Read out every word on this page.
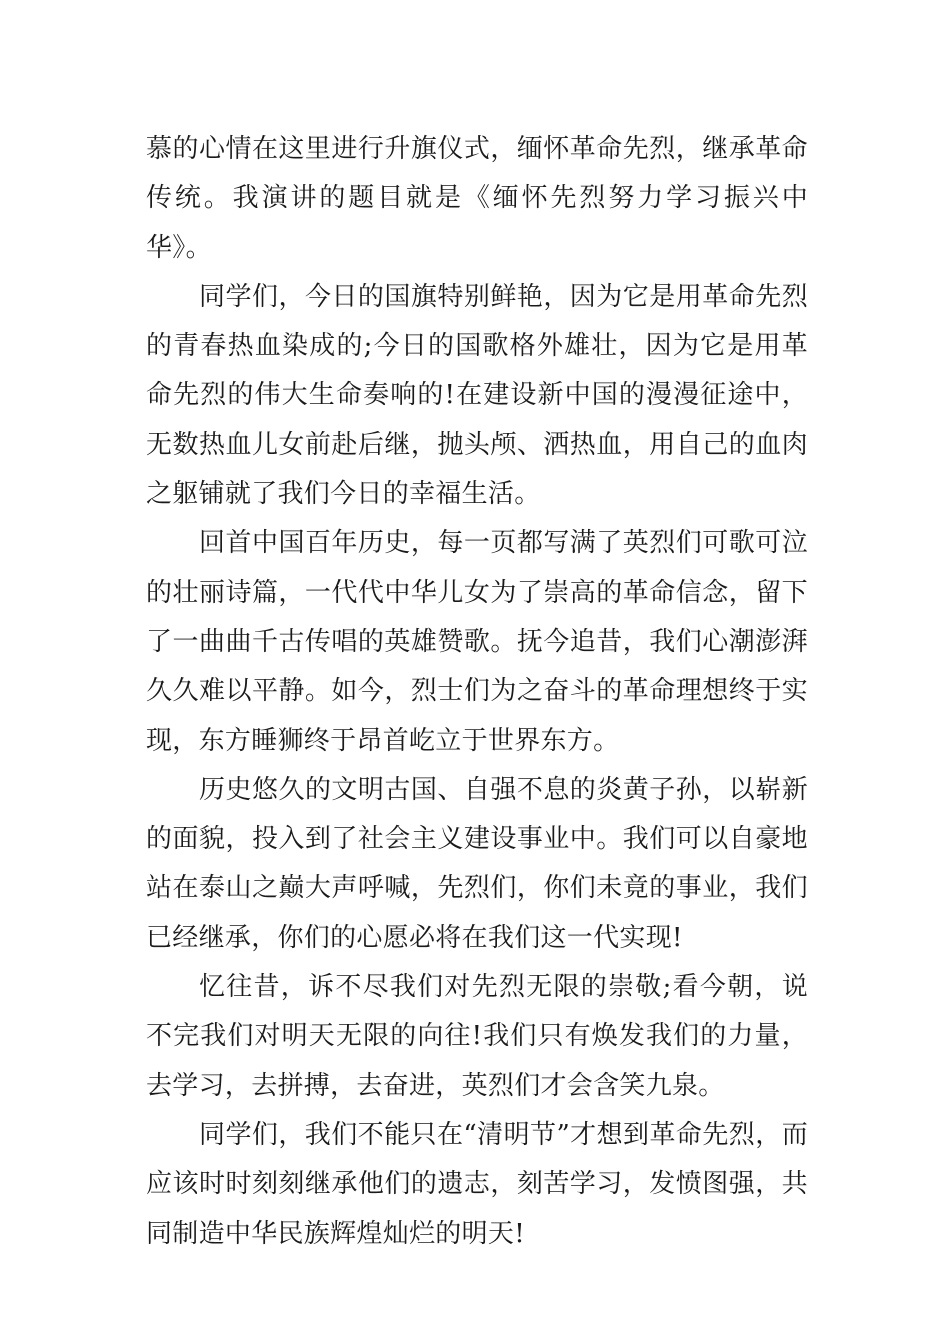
慕的心情在这里进行升旗仪式，缅怀革命先烈，继承革命传统。我演讲的题目就是《缅怀先烈努力学习振兴中华》。

同学们，今日的国旗特别鲜艳，因为它是用革命先烈的青春热血染成的;今日的国歌格外雄壮，因为它是用革命先烈的伟大生命奏响的!在建设新中国的漫漫征途中，无数热血儿女前赴后继，抛头颅、洒热血，用自己的血肉之躯铺就了我们今日的幸福生活。

回首中国百年历史，每一页都写满了英烈们可歌可泣的壮丽诗篇，一代代中华儿女为了崇高的革命信念，留下了一曲曲千古传唱的英雄赞歌。抚今追昔，我们心潮澎湃久久难以平静。如今，烈士们为之奋斗的革命理想终于实现，东方睡狮终于昂首屹立于世界东方。

历史悠久的文明古国、自强不息的炎黄子孙，以崭新的面貌，投入到了社会主义建设事业中。我们可以自豪地站在泰山之巅大声呼喊，先烈们，你们未竟的事业，我们已经继承，你们的心愿必将在我们这一代实现!

忆往昔，诉不尽我们对先烈无限的崇敬;看今朝，说不完我们对明天无限的向往!我们只有焕发我们的力量，去学习，去拼搏，去奋进，英烈们才会含笑九泉。

同学们，我们不能只在“清明节”才想到革命先烈，而应该时时刻刻继承他们的遗志，刻苦学习，发愤图强，共同制造中华民族辉煌灿烂的明天!
